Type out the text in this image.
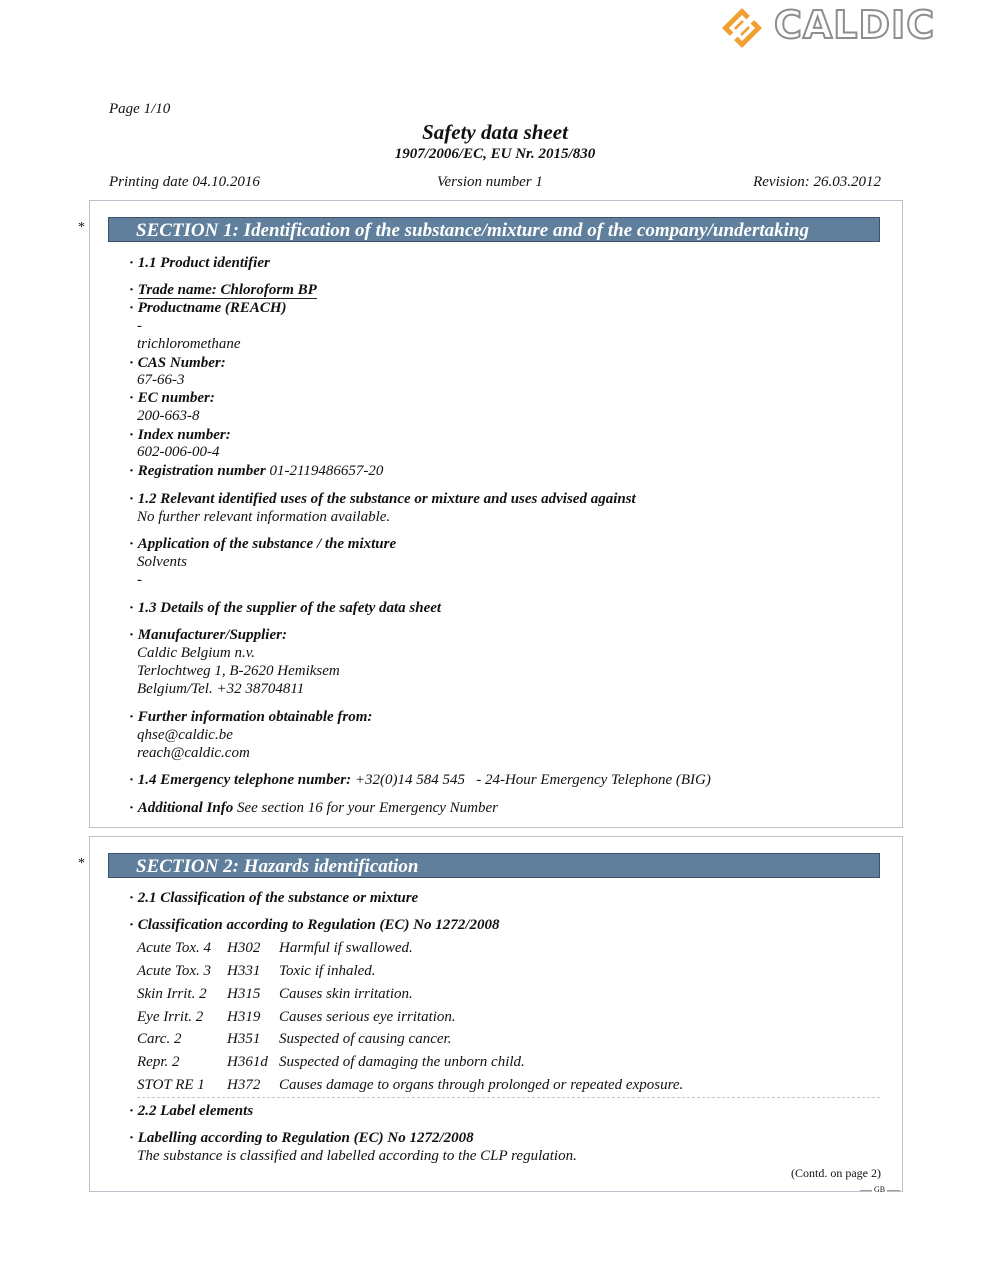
CALDIC
Page 1/10
Safety data sheet
1907/2006/EC, EU Nr. 2015/830
Printing date 04.10.2016	Version number 1	Revision: 26.03.2012
*	SECTION 1: Identification of the substance/mixture and of the company/undertaking
· 1.1 Product identifier
· Trade name: Chloroform BP
· Productname (REACH)
-
trichloromethane
· CAS Number:
67-66-3
· EC number:
200-663-8
· Index number:
602-006-00-4
· Registration number 01-2119486657-20
· 1.2 Relevant identified uses of the substance or mixture and uses advised against
No further relevant information available.
· Application of the substance / the mixture
Solvents
-
· 1.3 Details of the supplier of the safety data sheet
· Manufacturer/Supplier:
Caldic Belgium n.v.
Terlochtweg 1, B-2620 Hemiksem
Belgium/Tel. +32 38704811
· Further information obtainable from:
qhse@caldic.be
reach@caldic.com
· 1.4 Emergency telephone number: +32(0)14 584 545   - 24-Hour Emergency Telephone (BIG)
· Additional Info See section 16 for your Emergency Number
*	SECTION 2: Hazards identification
· 2.1 Classification of the substance or mixture
· Classification according to Regulation (EC) No 1272/2008
Acute Tox. 4 H302 Harmful if swallowed.
Acute Tox. 3 H331 Toxic if inhaled.
Skin Irrit. 2 H315 Causes skin irritation.
Eye Irrit. 2 H319 Causes serious eye irritation.
Carc. 2	H351 Suspected of causing cancer.
Repr. 2	H361d Suspected of damaging the unborn child.
STOT RE 1 H372 Causes damage to organs through prolonged or repeated exposure.
· 2.2 Label elements
· Labelling according to Regulation (EC) No 1272/2008
The substance is classified and labelled according to the CLP regulation.
(Contd. on page 2)
GB
